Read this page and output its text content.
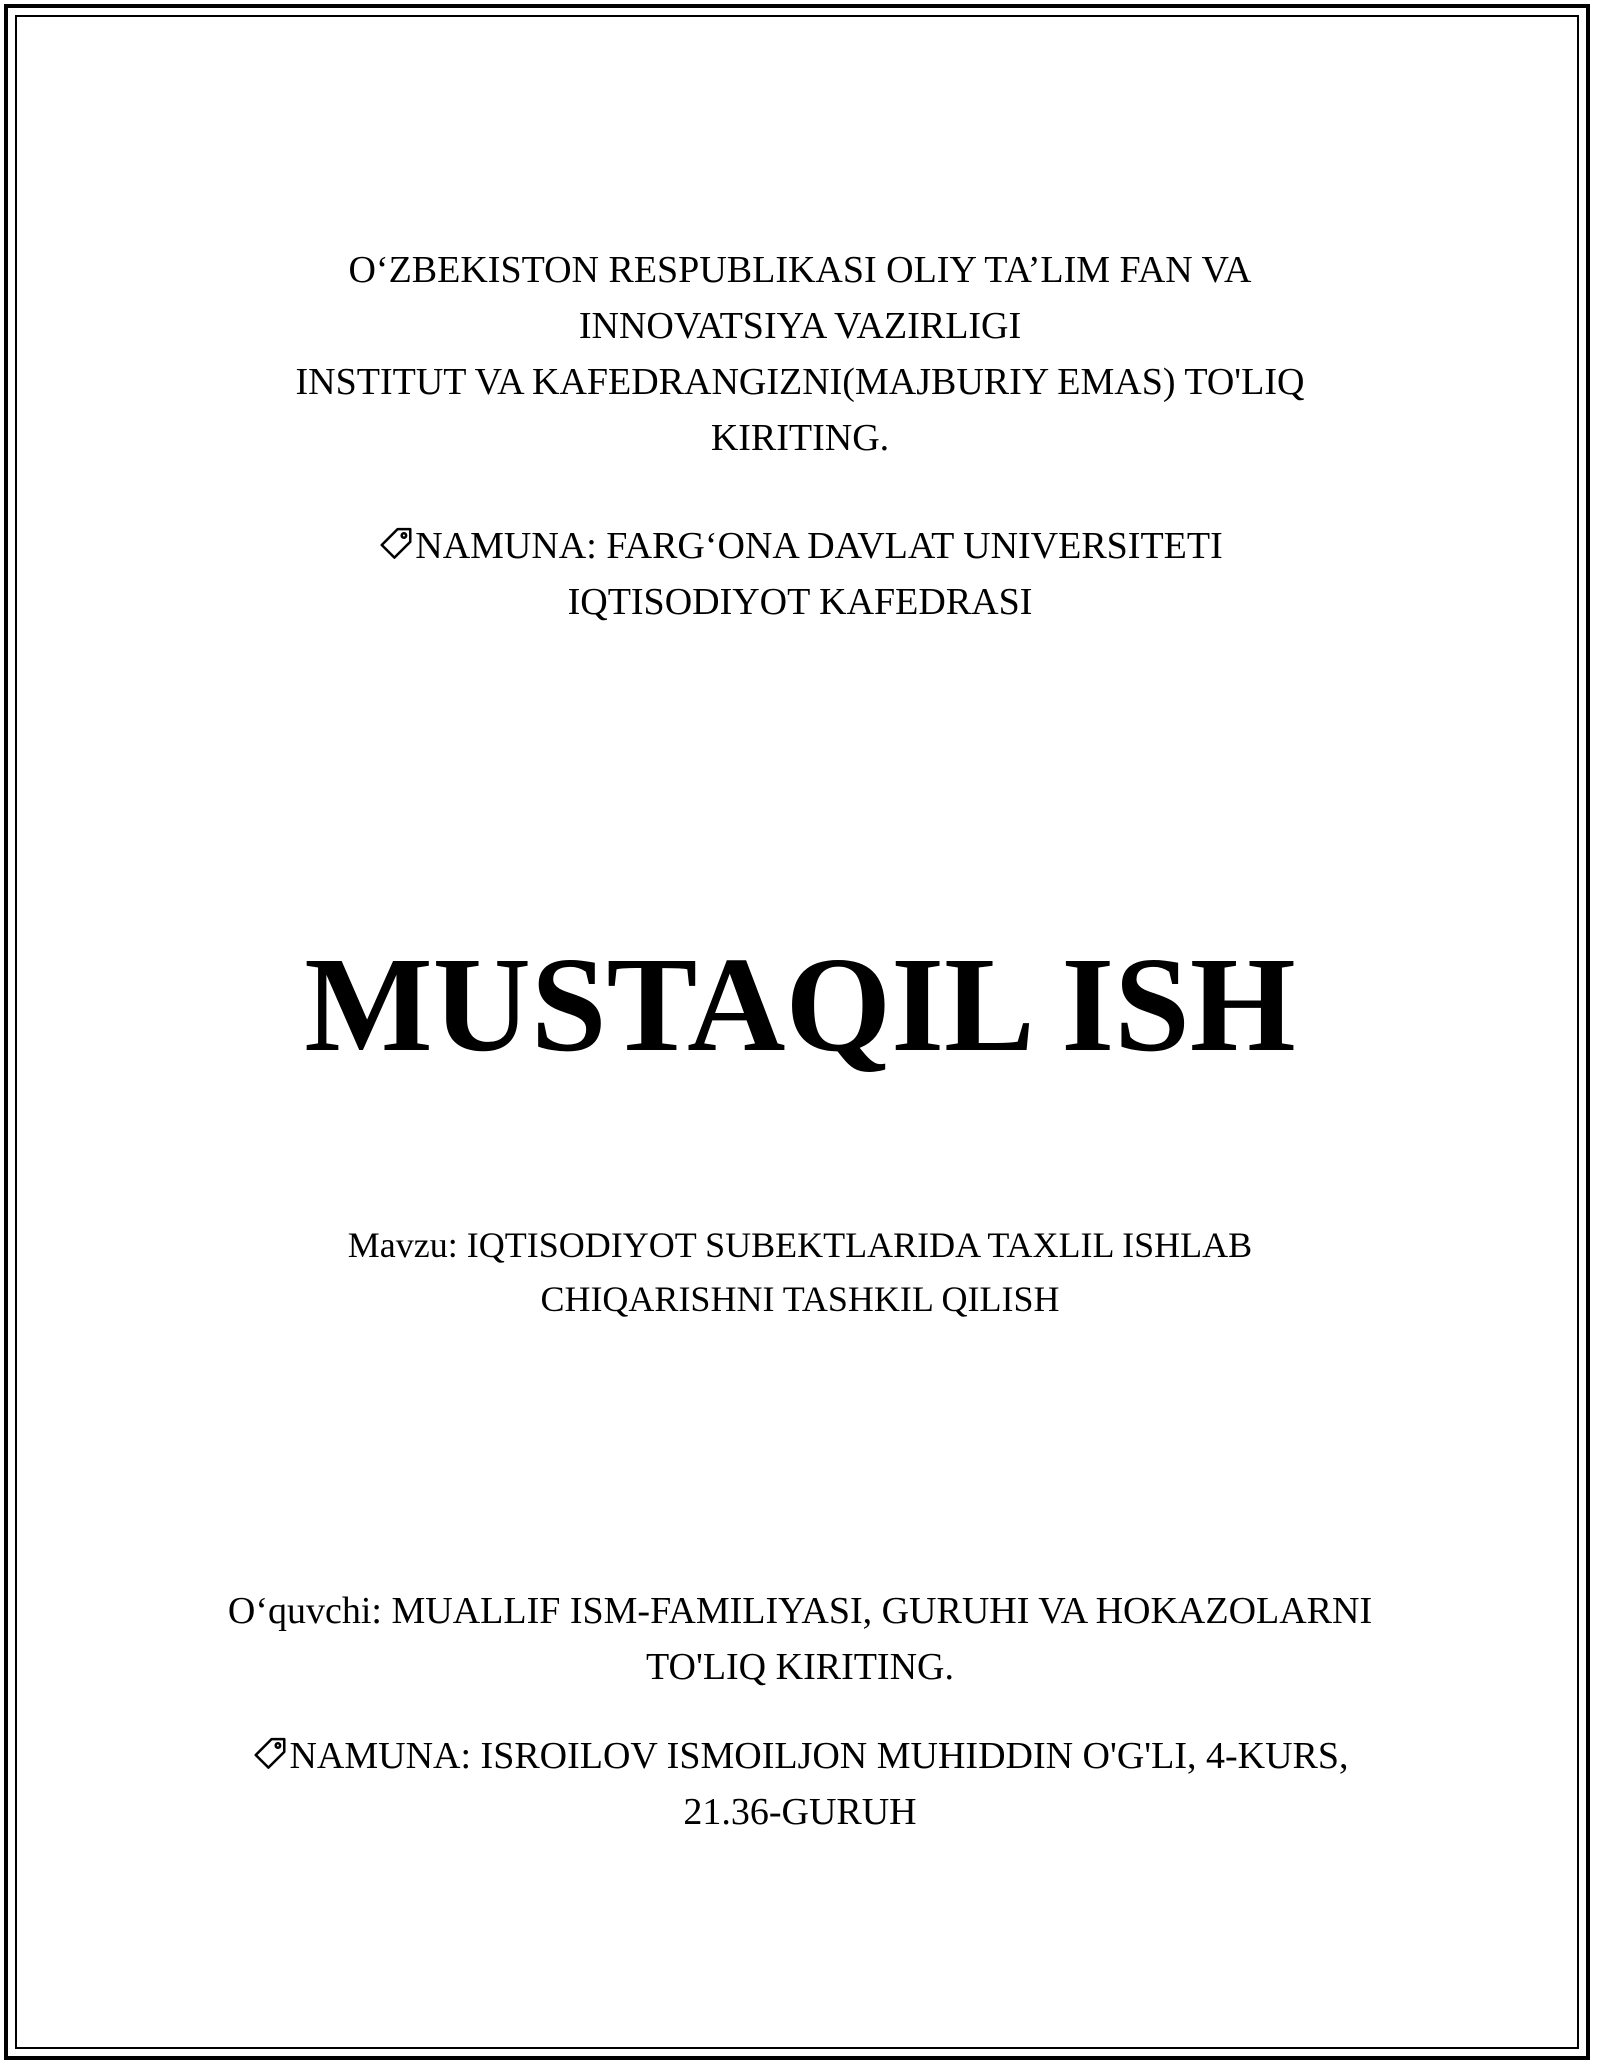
O‘ZBEKISTON RESPUBLIKASI OLIY TA’LIM FAN VA
INNOVATSIYA VAZIRLIGI
INSTITUT VA KAFEDRANGIZNI(MAJBURIY EMAS) TO'LIQ
KIRITING.
NAMUNA: FARG‘ONA DAVLAT UNIVERSITETI
IQTISODIYOT KAFEDRASI
MUSTAQIL ISH
Mavzu: IQTISODIYOT SUBEKTLARIDA TAXLIL ISHLAB
CHIQARISHNI TASHKIL QILISH
O‘quvchi: MUALLIF ISM-FAMILIYASI, GURUHI VA HOKAZOLARNI
TO'LIQ KIRITING.
NAMUNA: ISROILOV ISMOILJON MUHIDDIN O'G'LI, 4-KURS,
21.36-GURUH
